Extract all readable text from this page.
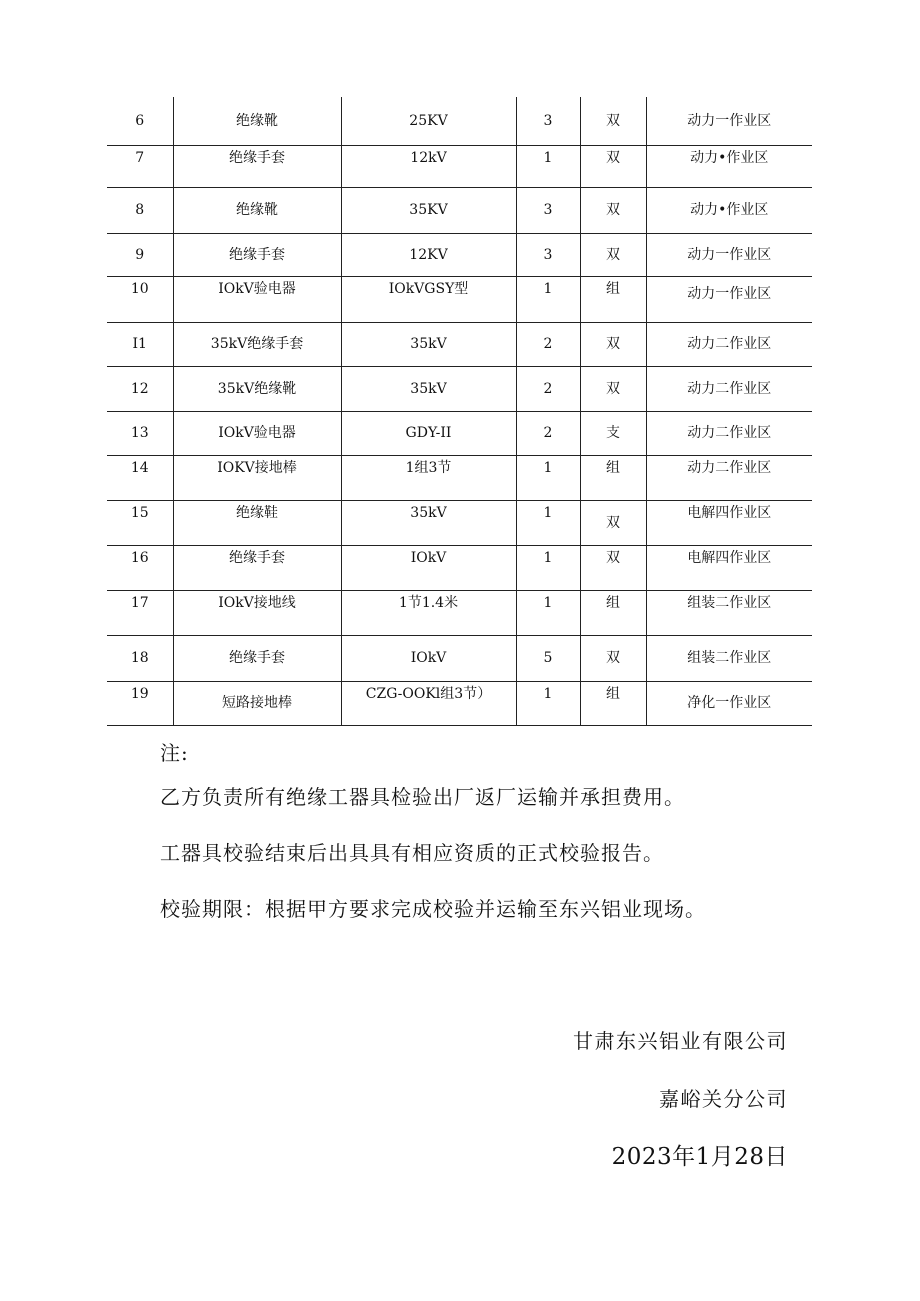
6	绝缘靴	25KV	3	双	动力一作业区
7	绝缘手套	12kV	1	双	动力•作业区
8	绝缘靴	35KV	3	双	动力•作业区
9	绝缘手套	12KV	3	双	动力一作业区
10	IOkV验电器	IOkVGSY型	1	组	动力一作业区
I1	35kV绝缘手套	35kV	2	双	动力二作业区
12	35kV绝缘靴	35kV	2	双	动力二作业区
13	IOkV验电器	GDY-II	2	支	动力二作业区
14	IOKV接地棒	1组3节	1	组	动力二作业区
15	绝缘鞋	35kV	1	双	电解四作业区
16	绝缘手套	IOkV	1	双	电解四作业区
17	IOkV接地线	1节1.4米	1	组	组装二作业区
18	绝缘手套	IOkV	5	双	组装二作业区
19	短路接地棒	CZG-OOKl组3节）	1	组	净化一作业区

注:

乙方负责所有绝缘工器具检验出厂返厂运输并承担费用。

工器具校验结束后出具具有相应资质的正式校验报告。

校验期限：根据甲方要求完成校验并运输至东兴铝业现场。

甘肃东兴铝业有限公司
嘉峪关分公司
2023年1月28日
